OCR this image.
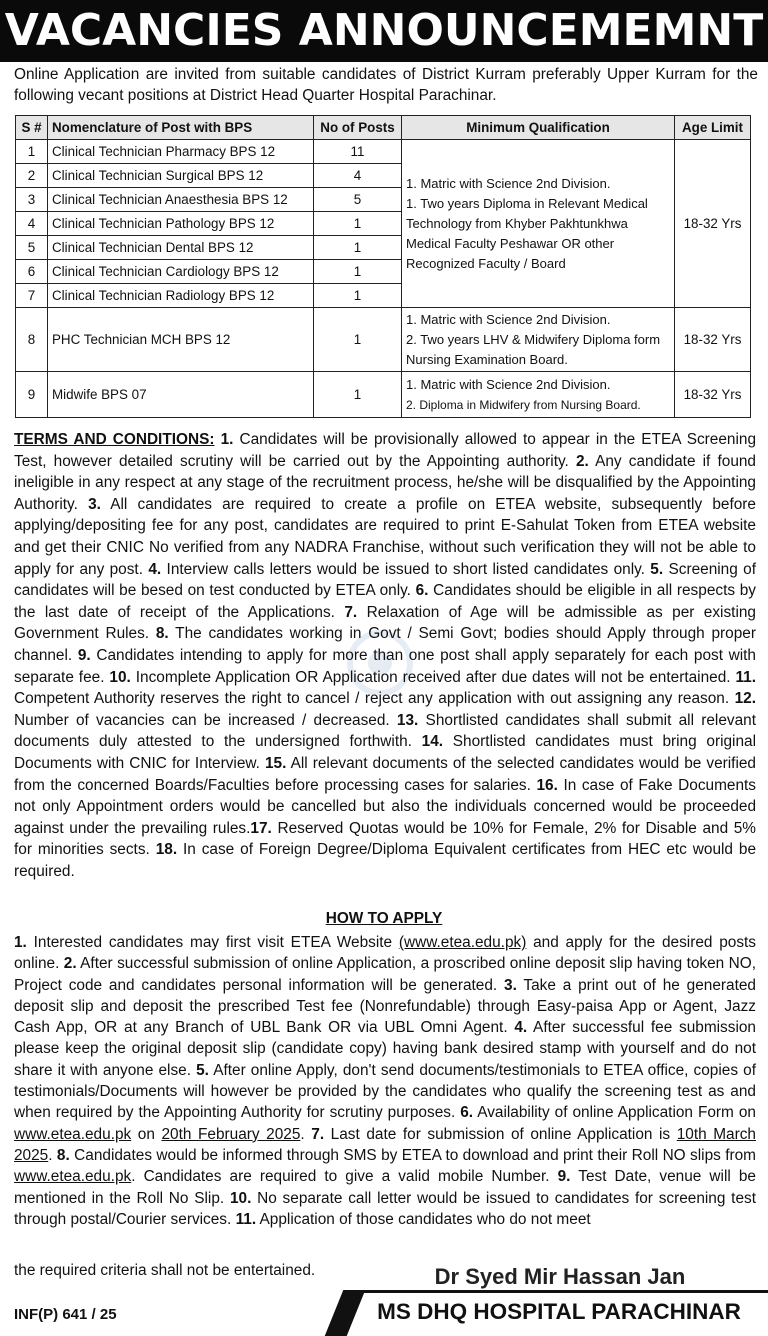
VACANCIES ANNOUNCEMEMNT

Online Application are invited from suitable candidates of District Kurram preferably Upper Kurram for the following vecant positions at District Head Quarter Hospital Parachinar.

S #	Nomenclature of Post with BPS	No of Posts	Minimum Qualification	Age Limit
1	Clinical Technician Pharmacy BPS 12	11	1. Matric with Science 2nd Division.
1. Two years Diploma in Relevant Medical Technology from Khyber Pakhtunkhwa Medical Faculty Peshawar OR other Recognized Faculty / Board	18-32 Yrs
2	Clinical Technician Surgical BPS 12	4		
3	Clinical Technician Anaesthesia BPS 12	5		
4	Clinical Technician Pathology BPS 12	1		
5	Clinical Technician Dental BPS 12	1		
6	Clinical Technician Cardiology BPS 12	1		
7	Clinical Technician Radiology BPS 12	1		
8	PHC Technician MCH BPS 12	1	1. Matric with Science 2nd Division.
2. Two years LHV & Midwifery Diploma form Nursing Examination Board.	18-32 Yrs
9	Midwife BPS 07	1	1. Matric with Science 2nd Division.
2. Diploma in Midwifery from Nursing Board.	18-32 Yrs

TERMS AND CONDITIONS: 1. Candidates will be provisionally allowed to appear in the ETEA Screening Test, however detailed scrutiny will be carried out by the Appointing authority. 2. Any candidate if found ineligible in any respect at any stage of the recruitment process, he/she will be disqualified by the Appointing Authority. 3. All candidates are required to create a profile on ETEA website, subsequently before applying/depositing fee for any post, candidates are required to print E-Sahulat Token from ETEA website and get their CNIC No verified from any NADRA Franchise, without such verification they will not be able to apply for any post. 4. Interview calls letters would be issued to short listed candidates only. 5. Screening of candidates will be besed on test conducted by ETEA only. 6. Candidates should be eligible in all respects by the last date of receipt of the Applications. 7. Relaxation of Age will be admissible as per existing Government Rules. 8. The candidates working in Govt / Semi Govt; bodies should Apply through proper channel. 9. Candidates intending to apply for more than one post shall apply separately for each post with separate fee. 10. Incomplete Application OR Application received after due dates will not be entertained. 11. Competent Authority reserves the right to cancel / reject any application with out assigning any reason. 12. Number of vacancies can be increased / decreased. 13. Shortlisted candidates shall submit all relevant documents duly attested to the undersigned forthwith. 14. Shortlisted candidates must bring original Documents with CNIC for Interview. 15. All relevant documents of the selected candidates would be verified from the concerned Boards/Faculties before processing cases for salaries. 16. In case of Fake Documents not only Appointment orders would be cancelled but also the individuals concerned would be proceeded against under the prevailing rules.17. Reserved Quotas would be 10% for Female, 2% for Disable and 5% for minorities sects. 18. In case of Foreign Degree/Diploma Equivalent certificates from HEC etc would be required.

HOW TO APPLY

1. Interested candidates may first visit ETEA Website (www.etea.edu.pk) and apply for the desired posts online. 2. After successful submission of online Application, a proscribed online deposit slip having token NO, Project code and candidates personal information will be generated. 3. Take a print out of he generated deposit slip and deposit the prescribed Test fee (Nonrefundable) through Easy-paisa App or Agent, Jazz Cash App, OR at any Branch of UBL Bank OR via UBL Omni Agent. 4. After successful fee submission please keep the original deposit slip (candidate copy) having bank desired stamp with yourself and do not share it with anyone else. 5. After online Apply, don't send documents/testimonials to ETEA office, copies of testimonials/Documents will however be provided by the candidates who qualify the screening test as and when required by the Appointing Authority for scrutiny purposes. 6. Availability of online Application Form on www.etea.edu.pk on 20th February 2025. 7. Last date for submission of online Application is 10th March 2025. 8. Candidates would be informed through SMS by ETEA to download and print their Roll NO slips from www.etea.edu.pk. Candidates are required to give a valid mobile Number. 9. Test Date, venue will be mentioned in the Roll No Slip. 10. No separate call letter would be issued to candidates for screening test through postal/Courier services. 11. Application of those candidates who do not meet

the required criteria shall not be entertained.	Dr Syed Mir Hassan Jan
MS DHQ HOSPITAL PARACHINAR
INF(P) 641 / 25
